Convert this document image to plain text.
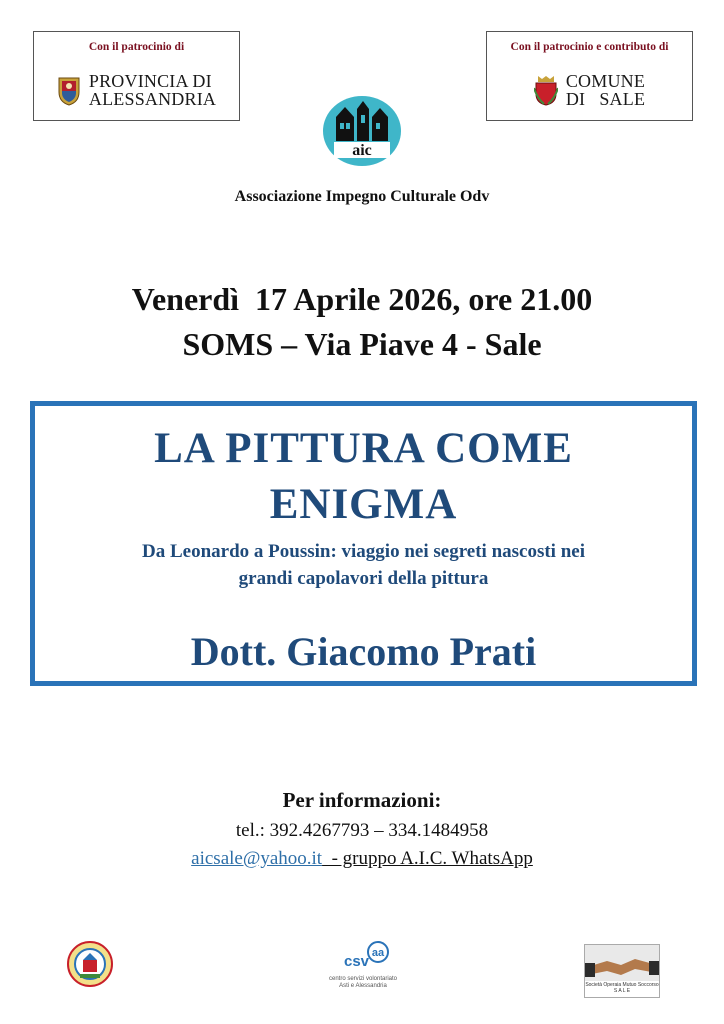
Con il patrocinio di
PROVINCIA DI
ALESSANDRIA
Con il patrocinio e contributo di
COMUNE
DI   SALE
aic
Associazione Impegno Culturale Odv
Venerdì  17 Aprile 2026, ore 21.00
SOMS – Via Piave 4 - Sale
LA PITTURA COME
ENIGMA
Da Leonardo a Poussin: viaggio nei segreti nascosti nei
grandi capolavori della pittura
Dott. Giacomo Prati
Per informazioni:
tel.: 392.4267793 – 334.1484958
aicsale@yahoo.it  - gruppo A.I.C. WhatsApp
aa
csv
centro servizi volontariato
Asti e Alessandria	Società Operaia Mutuo Soccorso
S A L E
